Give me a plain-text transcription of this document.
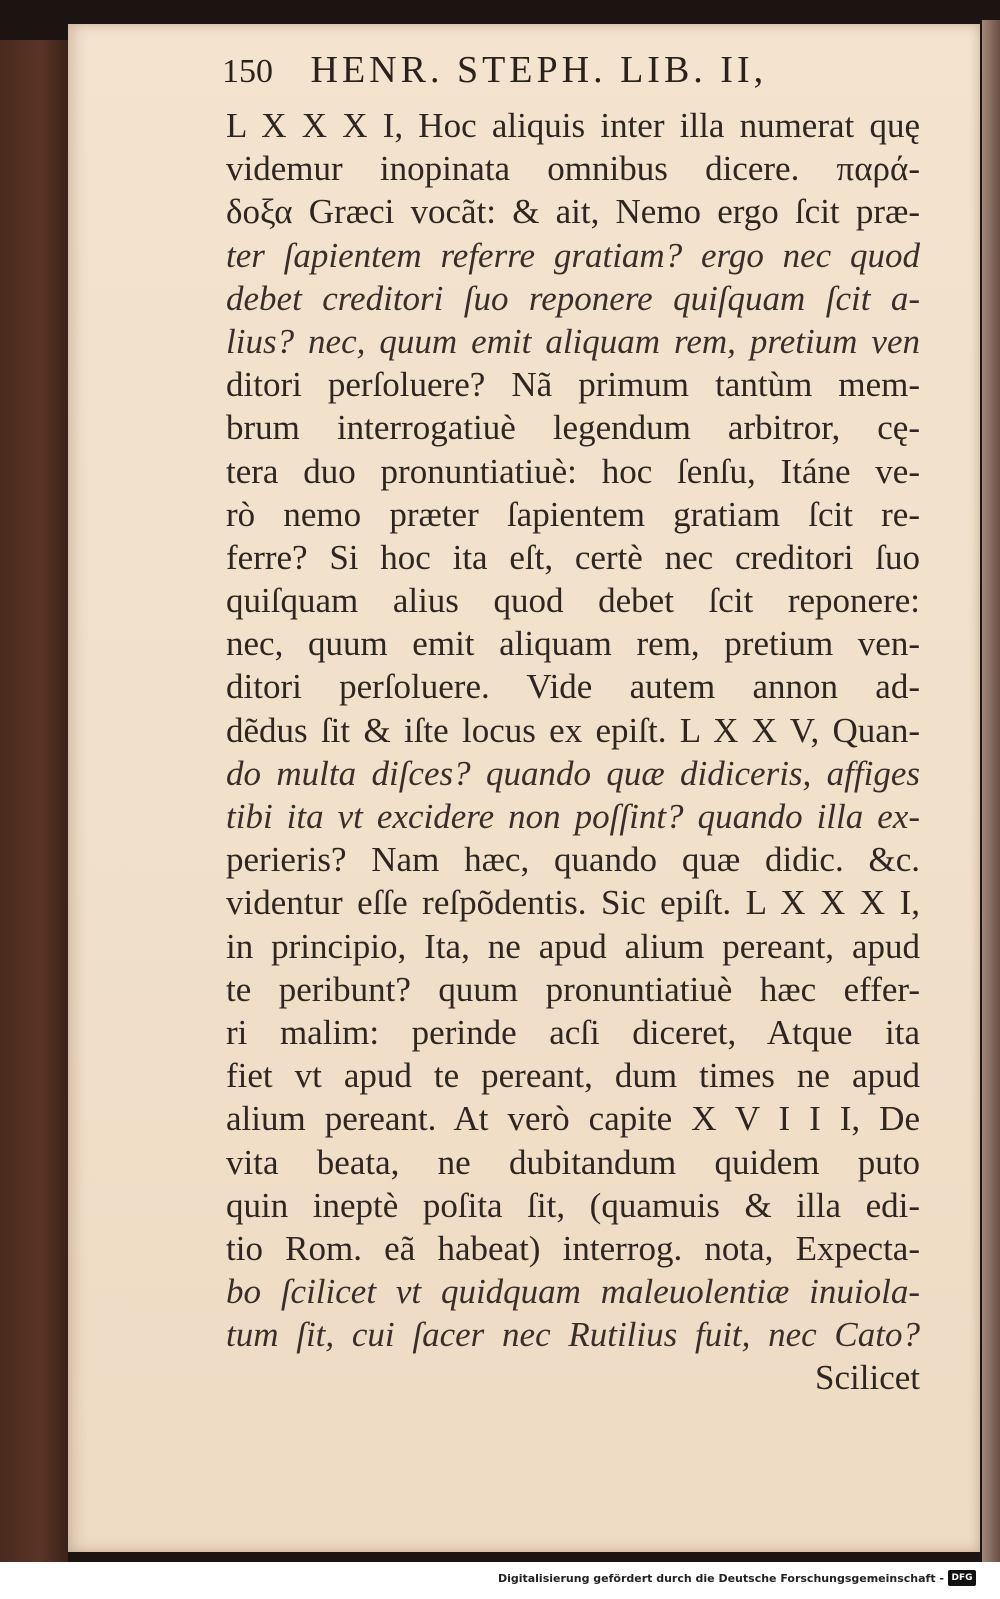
150 HENR. STEPH. LIB. II,
L X X X I, Hoc aliquis inter illa numerat quę
videmur inopinata omnibus dicere. παρά-
δοξα Græci vocãt: & ait, Nemo ergo ſcit præ-
ter ſapientem referre gratiam? ergo nec quod
debet creditori ſuo reponere quiſquam ſcit a-
lius? nec, quum emit aliquam rem, pretium ven
ditori perſoluere? Nã primum tantùm mem-
brum interrogatiuè legendum arbitror, cę-
tera duo pronuntiatiuè: hoc ſenſu, Itáne ve-
rò nemo præter ſapientem gratiam ſcit re-
ferre? Si hoc ita eſt, certè nec creditori ſuo
quiſquam alius quod debet ſcit reponere:
nec, quum emit aliquam rem, pretium ven-
ditori perſoluere. Vide autem annon ad-
dẽdus ſit & iſte locus ex epiſt. L X X V, Quan-
do multa diſces? quando quæ didiceris, affiges
tibi ita vt excidere non poſſint? quando illa ex-
perieris? Nam hæc, quando quæ didic. &c.
videntur eſſe reſpõdentis. Sic epiſt. L X X X I,
in principio, Ita, ne apud alium pereant, apud
te peribunt? quum pronuntiatiuè hæc effer-
ri malim: perinde acſi diceret, Atque ita
fiet vt apud te pereant, dum times ne apud
alium pereant. At verò capite X V I I I, De
vita beata, ne dubitandum quidem puto
quin ineptè poſita ſit, (quamuis & illa edi-
tio Rom. eã habeat) interrog. nota, Expecta-
bo ſcilicet vt quidquam maleuolentiæ inuiola-
tum ſit, cui ſacer nec Rutilius fuit, nec Cato?
Scilicet
Digitalisierung gefördert durch die Deutsche Forschungsgemeinschaft - DFG
